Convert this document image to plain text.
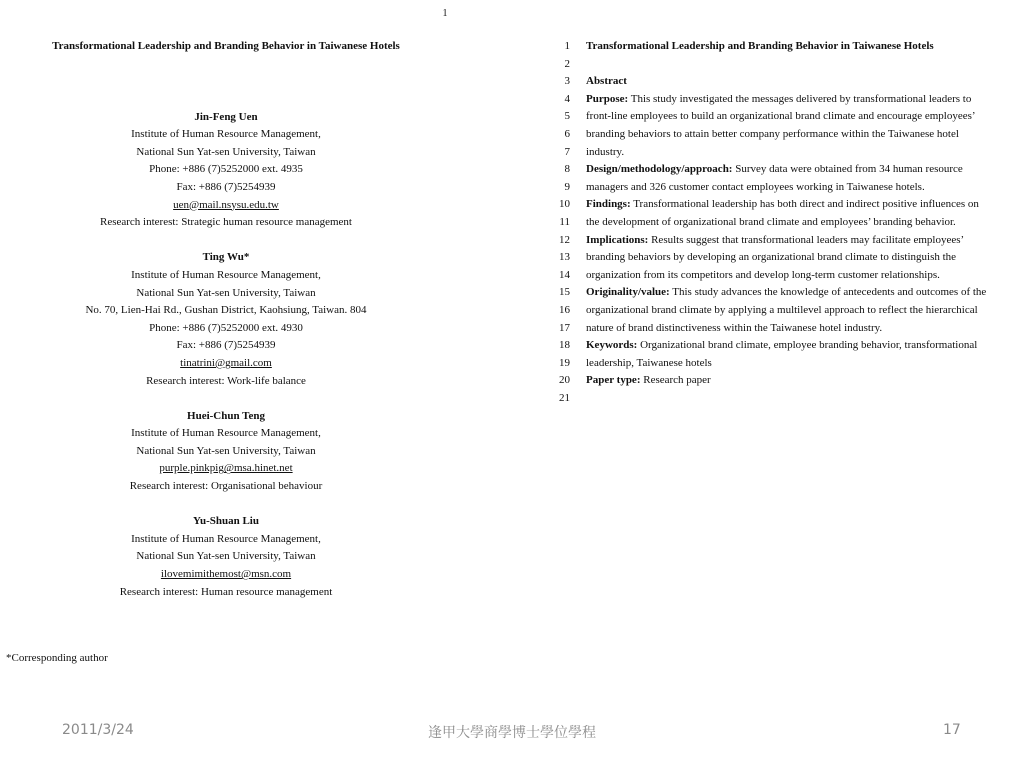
1

Transformational Leadership and Branding Behavior in Taiwanese Hotels

Jin-Feng Uen
Institute of Human Resource Management,
National Sun Yat-sen University, Taiwan
Phone: +886 (7)5252000 ext. 4935
Fax: +886 (7)5254939
uen@mail.nsysu.edu.tw
Research interest: Strategic human resource management
Ting Wu*
Institute of Human Resource Management,
National Sun Yat-sen University, Taiwan
No. 70, Lien-Hai Rd., Gushan District, Kaohsiung, Taiwan. 804
Phone: +886 (7)5252000 ext. 4930
Fax: +886 (7)5254939
tinatrini@gmail.com
Research interest: Work-life balance
Huei-Chun Teng
Institute of Human Resource Management,
National Sun Yat-sen University, Taiwan
purple.pinkpig@msa.hinet.net
Research interest: Organisational behaviour
Yu-Shuan Liu
Institute of Human Resource Management,
National Sun Yat-sen University, Taiwan
ilovemimithemost@msn.com
Research interest: Human resource management
*Corresponding author
1	Transformational Leadership and Branding Behavior in Taiwanese Hotels
2
3	Abstract
4	Purpose: This study investigated the messages delivered by transformational leaders to
5	front-line employees to build an organizational brand climate and encourage employees’
6	branding behaviors to attain better company performance within the Taiwanese hotel
7	industry.
8	Design/methodology/approach: Survey data were obtained from 34 human resource
9	managers and 326 customer contact employees working in Taiwanese hotels.
10	Findings: Transformational leadership has both direct and indirect positive influences on
11	the development of organizational brand climate and employees’ branding behavior.
12	Implications: Results suggest that transformational leaders may facilitate employees’
13	branding behaviors by developing an organizational brand climate to distinguish the
14	organization from its competitors and develop long-term customer relationships.
15	Originality/value: This study advances the knowledge of antecedents and outcomes of the
16	organizational brand climate by applying a multilevel approach to reflect the hierarchical
17	nature of brand distinctiveness within the Taiwanese hotel industry.
18	Keywords: Organizational brand climate, employee branding behavior, transformational
19	leadership, Taiwanese hotels
20	Paper type: Research paper
21
2011/3/24	逢甲大學商學博士學位學程	17
